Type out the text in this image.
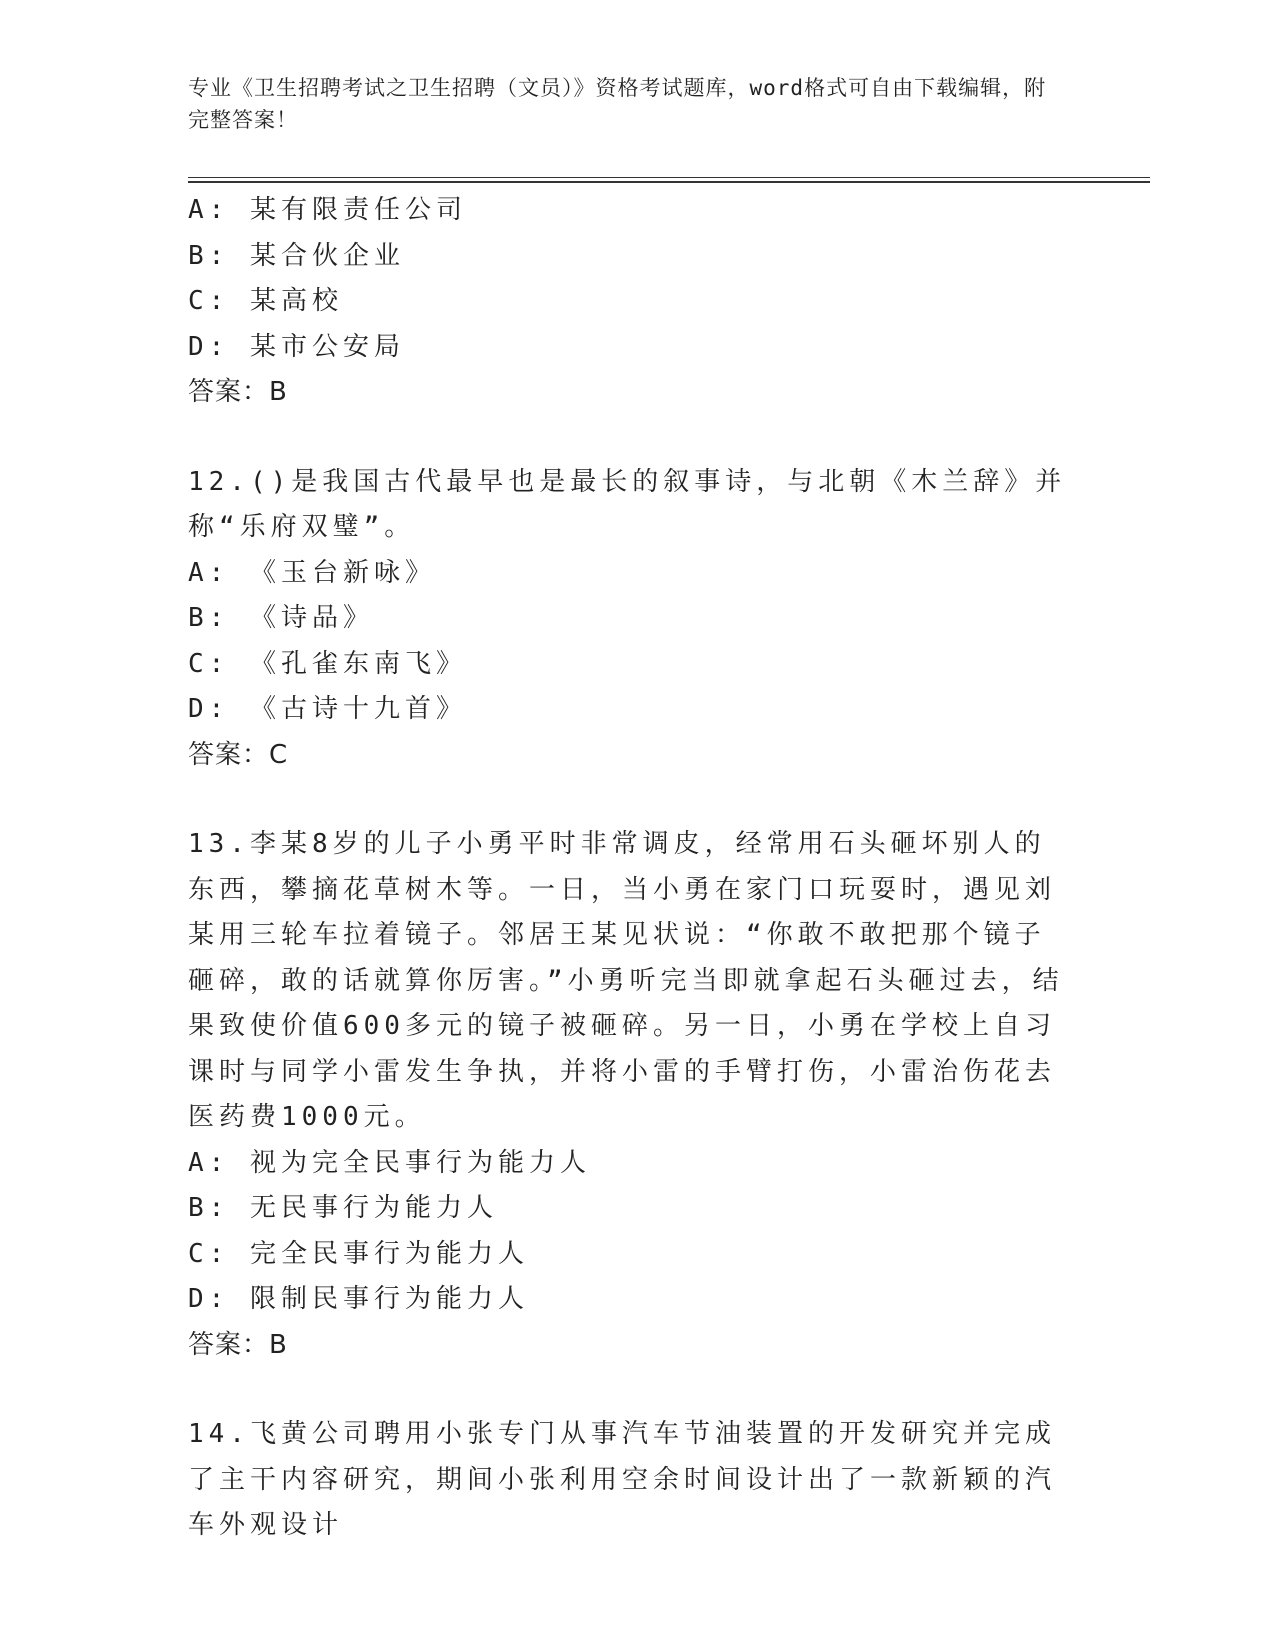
专业《卫生招聘考试之卫生招聘（文员）》资格考试题库，word格式可自由下载编辑，附完整答案！
A: 某有限责任公司
B: 某合伙企业
C: 某高校
D: 某市公安局
答案：B
12.()是我国古代最早也是最长的叙事诗，与北朝《木兰辞》并称“乐府双璧”。
A: 《玉台新咏》
B: 《诗品》
C: 《孔雀东南飞》
D: 《古诗十九首》
答案：C
13.李某8岁的儿子小勇平时非常调皮，经常用石头砸坏别人的东西，攀摘花草树木等。一日，当小勇在家门口玩耍时，遇见刘某用三轮车拉着镜子。邻居王某见状说：“你敢不敢把那个镜子砸碎，敢的话就算你厉害。”小勇听完当即就拿起石头砸过去，结果致使价值600多元的镜子被砸碎。另一日，小勇在学校上自习课时与同学小雷发生争执，并将小雷的手臂打伤，小雷治伤花去医药费1000元。
A: 视为完全民事行为能力人
B: 无民事行为能力人
C: 完全民事行为能力人
D: 限制民事行为能力人
答案：B
14.飞黄公司聘用小张专门从事汽车节油装置的开发研究并完成了主干内容研究，期间小张利用空余时间设计出了一款新颖的汽车外观设计
